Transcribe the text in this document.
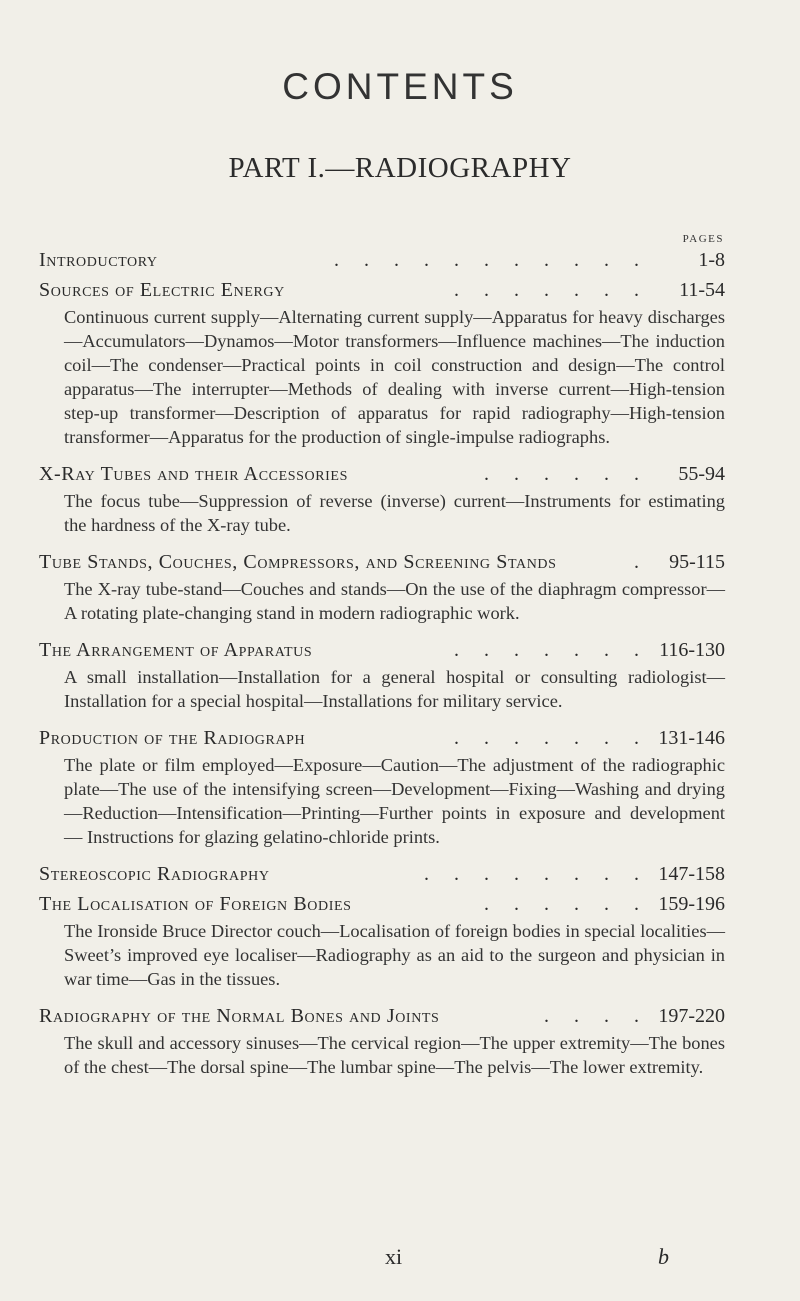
CONTENTS
PART I.—RADIOGRAPHY
PAGES
Introductory	. . . . . . . . . . .	1-8
Sources of Electric Energy	. . . . . . .	11-54
Continuous current supply—Alternating current supply—Apparatus for heavy discharges—Accumulators—Dynamos—Motor transformers—Influence machines—The induction coil—The condenser—Practical points in coil construction and design—The control apparatus—The interrupter—Methods of dealing with inverse current—High-tension step-up transformer—Description of apparatus for rapid radiography—High-tension transformer—Apparatus for the production of single-impulse radiographs.
X-Ray Tubes and their Accessories	. . . . . .	55-94
The focus tube—Suppression of reverse (inverse) current—Instruments for estimating the hardness of the X-ray tube.
Tube Stands, Couches, Compressors, and Screening Stands	.	95-115
The X-ray tube-stand—Couches and stands—On the use of the diaphragm compressor—A rotating plate-changing stand in modern radiographic work.
The Arrangement of Apparatus	. . . . . . . 116-130
A small installation—Installation for a general hospital or consulting radiologist—Installation for a special hospital—Installations for military service.
Production of the Radiograph	. . . . . . . 131-146
The plate or film employed—Exposure—Caution—The adjustment of the radiographic plate—The use of the intensifying screen—Development—Fixing—Washing and drying—Reduction—Intensification—Printing—Further points in exposure and development — Instructions for glazing gelatino-chloride prints.
Stereoscopic Radiography	. . . . . . . . 147-158
The Localisation of Foreign Bodies	. . . . . . 159-196
The Ironside Bruce Director couch—Localisation of foreign bodies in special localities—Sweet’s improved eye localiser—Radiography as an aid to the surgeon and physician in war time—Gas in the tissues.
Radiography of the Normal Bones and Joints	. . . . 197-220
The skull and accessory sinuses—The cervical region—The upper extremity—The bones of the chest—The dorsal spine—The lumbar spine—The pelvis—The lower extremity.
xi	b
